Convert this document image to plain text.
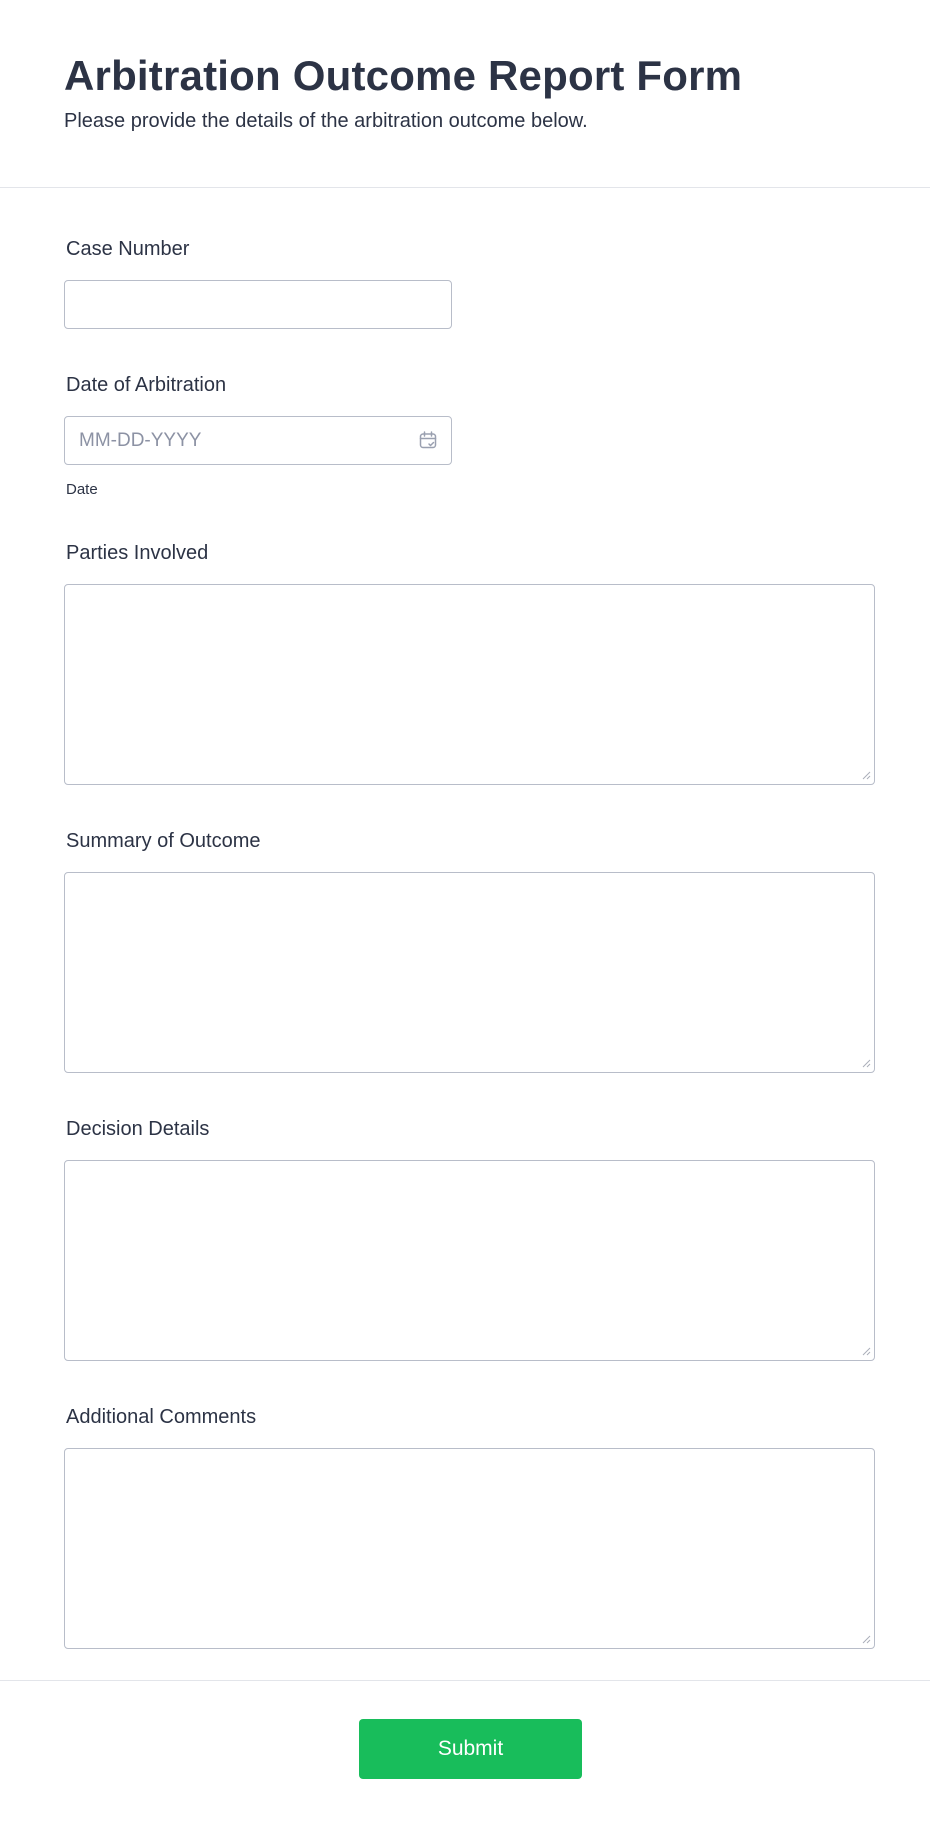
Arbitration Outcome Report Form

Please provide the details of the arbitration outcome below.

Case Number
Date of Arbitration
MM-DD-YYYY
Date
Parties Involved
Summary of Outcome
Decision Details
Additional Comments
Submit
